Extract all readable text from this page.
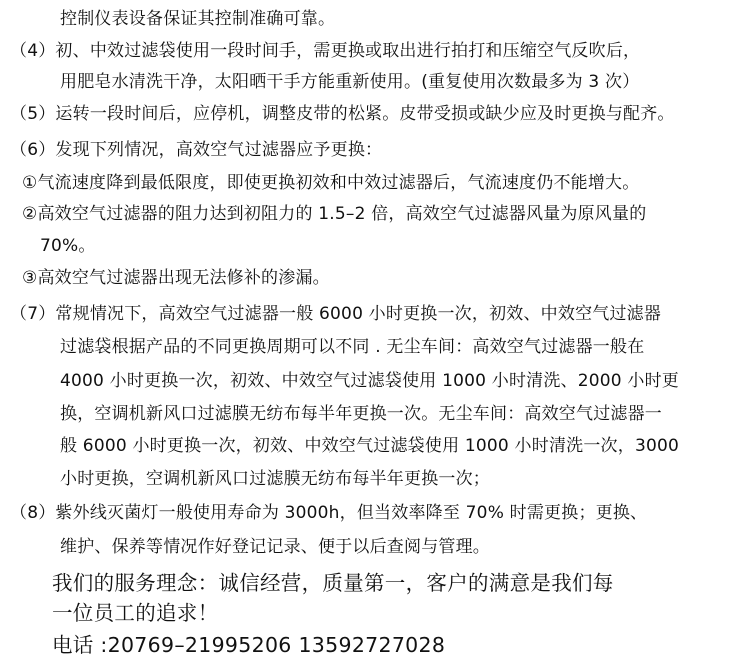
控制仪表设备保证其控制准确可靠。
（4）初、中效过滤袋使用一段时间手，需更换或取出进行拍打和压缩空气反吹后，
用肥皂水清洗干净，太阳晒干手方能重新使用。(重复使用次数最多为 3 次）
（5）运转一段时间后，应停机，调整皮带的松紧。皮带受损或缺少应及时更换与配齐。
（6）发现下列情况，高效空气过滤器应予更换：
①气流速度降到最低限度，即使更换初效和中效过滤器后，气流速度仍不能增大。
②高效空气过滤器的阻力达到初阻力的 1.5–2 倍，高效空气过滤器风量为原风量的
70%。
③高效空气过滤器出现无法修补的渗漏。
（7）常规情况下，高效空气过滤器一般 6000 小时更换一次，初效、中效空气过滤器
过滤袋根据产品的不同更换周期可以不同 . 无尘车间：高效空气过滤器一般在
4000 小时更换一次，初效、中效空气过滤袋使用 1000 小时清洗、2000 小时更
换，空调机新风口过滤膜无纺布每半年更换一次。无尘车间：高效空气过滤器一
般 6000 小时更换一次，初效、中效空气过滤袋使用 1000 小时清洗一次，3000
小时更换，空调机新风口过滤膜无纺布每半年更换一次；
（8）紫外线灭菌灯一般使用寿命为 3000h，但当效率降至 70% 时需更换；更换、
维护、保养等情况作好登记记录、便于以后查阅与管理。
我们的服务理念：诚信经营，质量第一，客户的满意是我们每
一位员工的追求！
电话 :20769–21995206 13592727028
